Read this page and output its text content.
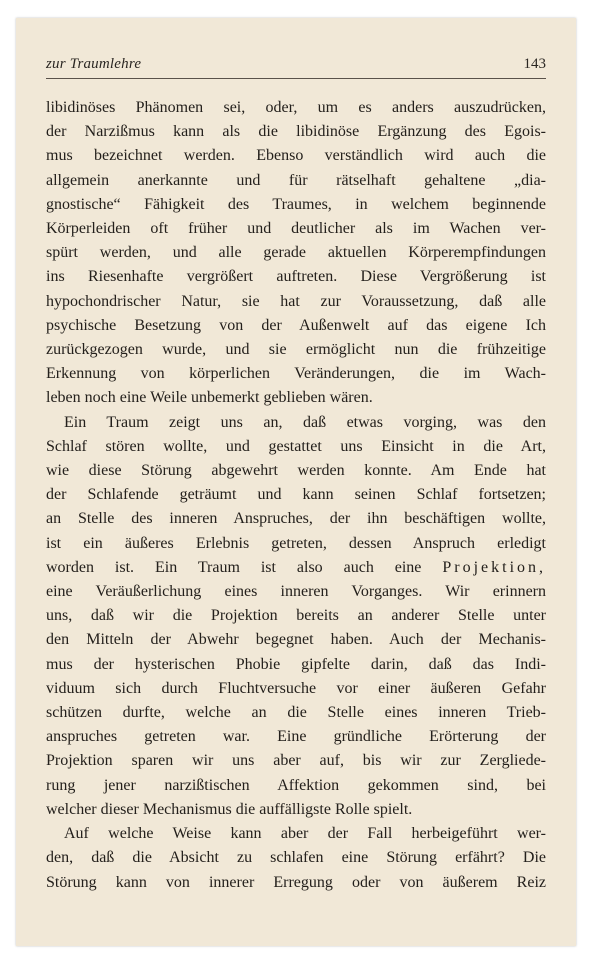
zur Traumlehre	143

libidinöses Phänomen sei, oder, um es anders auszudrücken,
der Narzißmus kann als die libidinöse Ergänzung des Egois-
mus bezeichnet werden. Ebenso verständlich wird auch die
allgemein anerkannte und für rätselhaft gehaltene „dia-
gnostische“ Fähigkeit des Traumes, in welchem beginnende
Körperleiden oft früher und deutlicher als im Wachen ver-
spürt werden, und alle gerade aktuellen Körperempfindungen
ins Riesenhafte vergrößert auftreten. Diese Vergrößerung ist
hypochondrischer Natur, sie hat zur Voraussetzung, daß alle
psychische Besetzung von der Außenwelt auf das eigene Ich
zurückgezogen wurde, und sie ermöglicht nun die frühzeitige
Erkennung von körperlichen Veränderungen, die im Wach-
leben noch eine Weile unbemerkt geblieben wären.

Ein Traum zeigt uns an, daß etwas vorging, was den
Schlaf stören wollte, und gestattet uns Einsicht in die Art,
wie diese Störung abgewehrt werden konnte. Am Ende hat
der Schlafende geträumt und kann seinen Schlaf fortsetzen;
an Stelle des inneren Anspruches, der ihn beschäftigen wollte,
ist ein äußeres Erlebnis getreten, dessen Anspruch erledigt
worden ist. Ein Traum ist also auch eine Projektion,
eine Veräußerlichung eines inneren Vorganges. Wir erinnern
uns, daß wir die Projektion bereits an anderer Stelle unter
den Mitteln der Abwehr begegnet haben. Auch der Mechanis-
mus der hysterischen Phobie gipfelte darin, daß das Indi-
viduum sich durch Fluchtversuche vor einer äußeren Gefahr
schützen durfte, welche an die Stelle eines inneren Trieb-
anspruches getreten war. Eine gründliche Erörterung der
Projektion sparen wir uns aber auf, bis wir zur Zergliede-
rung jener narzißtischen Affektion gekommen sind, bei
welcher dieser Mechanismus die auffälligste Rolle spielt.

Auf welche Weise kann aber der Fall herbeigeführt wer-
den, daß die Absicht zu schlafen eine Störung erfährt? Die
Störung kann von innerer Erregung oder von äußerem Reiz
